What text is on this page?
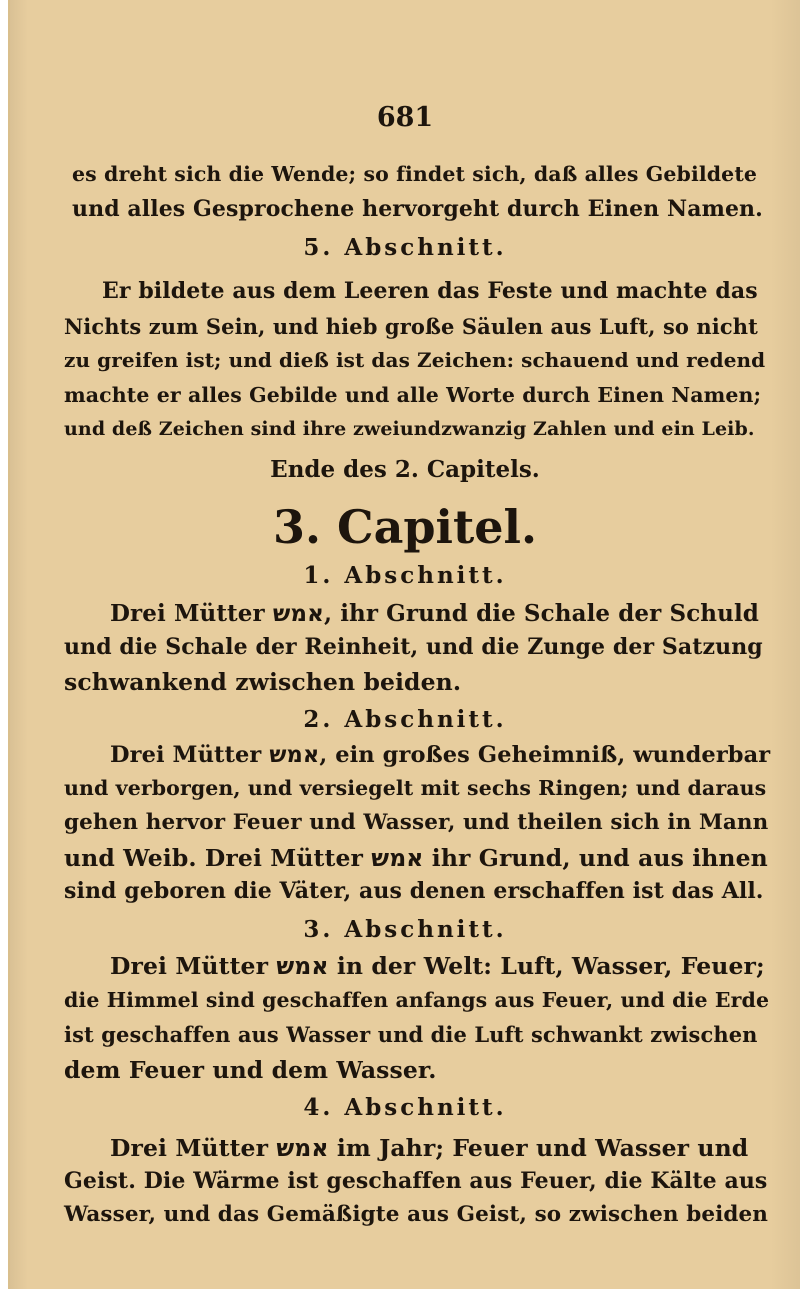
681

es dreht sich die Wende; so findet sich, daß alles Gebildete

und alles Gesprochene hervorgeht durch Einen Namen.

5. Abschnitt.

Er bildete aus dem Leeren das Feste und machte das

Nichts zum Sein, und hieb große Säulen aus Luft, so nicht

zu greifen ist; und dieß ist das Zeichen: schauend und redend

machte er alles Gebilde und alle Worte durch Einen Namen;

und deß Zeichen sind ihre zweiundzwanzig Zahlen und ein Leib.

Ende des 2. Capitels.

3. Capitel.

1. Abschnitt.

Drei Mütter אמש, ihr Grund die Schale der Schuld

und die Schale der Reinheit, und die Zunge der Satzung

schwankend zwischen beiden.

2. Abschnitt.

Drei Mütter אמש, ein großes Geheimniß, wunderbar

und verborgen, und versiegelt mit sechs Ringen; und daraus

gehen hervor Feuer und Wasser, und theilen sich in Mann

und Weib. Drei Mütter אמש ihr Grund, und aus ihnen

sind geboren die Väter, aus denen erschaffen ist das All.

3. Abschnitt.

Drei Mütter אמש in der Welt: Luft, Wasser, Feuer;

die Himmel sind geschaffen anfangs aus Feuer, und die Erde

ist geschaffen aus Wasser und die Luft schwankt zwischen

dem Feuer und dem Wasser.

4. Abschnitt.

Drei Mütter אמש im Jahr; Feuer und Wasser und

Geist. Die Wärme ist geschaffen aus Feuer, die Kälte aus

Wasser, und das Gemäßigte aus Geist, so zwischen beiden
